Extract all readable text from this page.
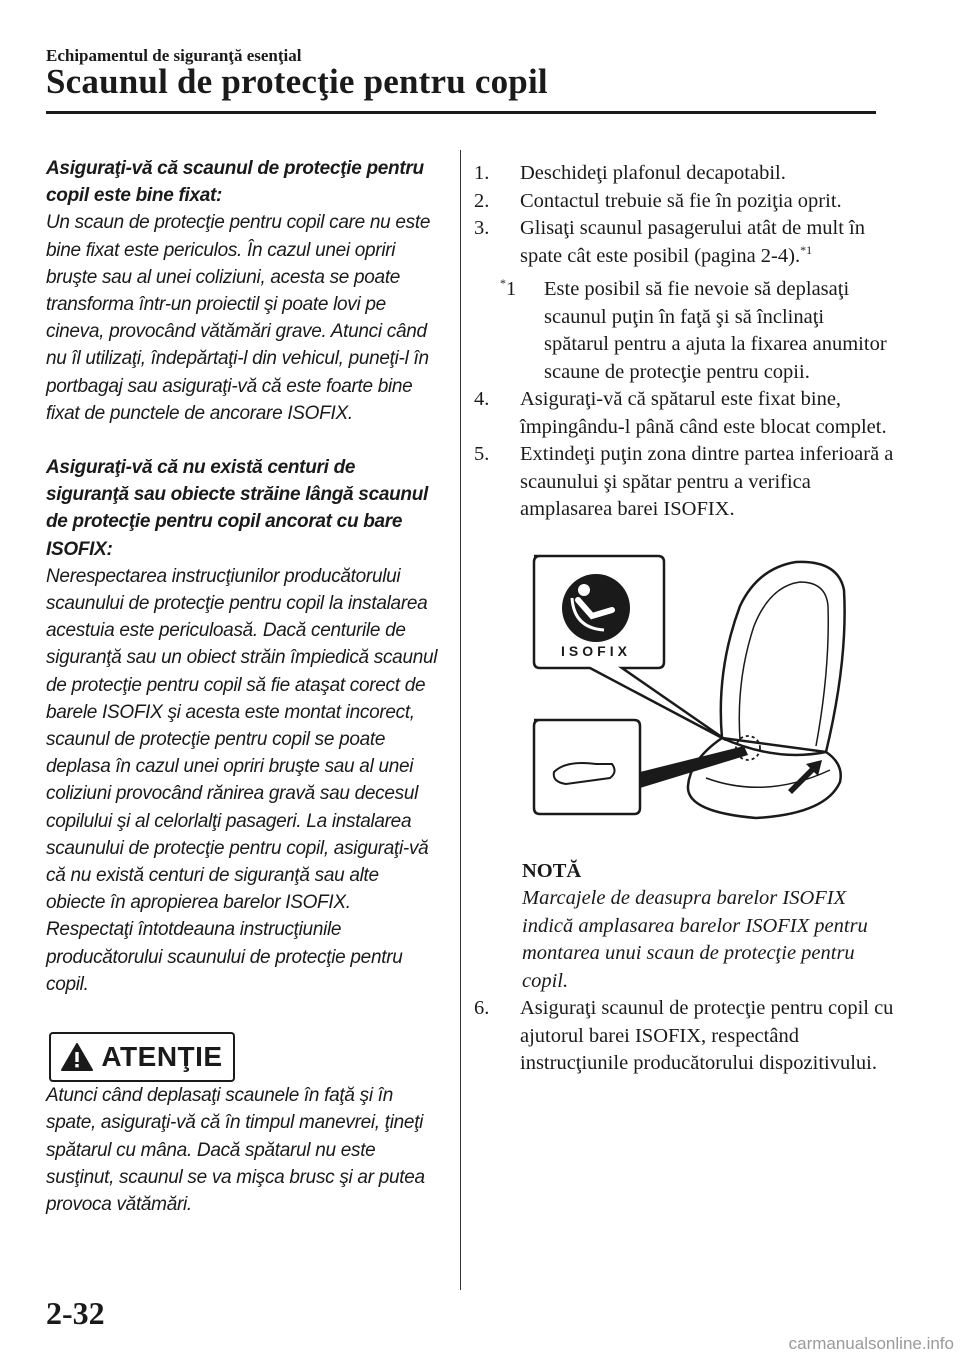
Echipamentul de siguranţă esenţial
Scaunul de protecţie pentru copil

Asiguraţi-vă că scaunul de protecţie pentru copil este bine fixat:

Un scaun de protecţie pentru copil care nu este bine fixat este periculos. În cazul unei opriri bruşte sau al unei coliziuni, acesta se poate transforma într-un proiectil şi poate lovi pe cineva, provocând vătămări grave. Atunci când nu îl utilizaţi, îndepărtaţi-l din vehicul, puneţi-l în portbagaj sau asiguraţi-vă că este foarte bine fixat de punctele de ancorare ISOFIX.

Asiguraţi-vă că nu există centuri de siguranţă sau obiecte străine lângă scaunul de protecţie pentru copil ancorat cu bare ISOFIX:

Nerespectarea instrucţiunilor producătorului scaunului de protecţie pentru copil la instalarea acestuia este periculoasă. Dacă centurile de siguranţă sau un obiect străin împiedică scaunul de protecţie pentru copil să fie ataşat corect de barele ISOFIX şi acesta este montat incorect, scaunul de protecţie pentru copil se poate deplasa în cazul unei opriri bruşte sau al unei coliziuni provocând rănirea gravă sau decesul copilului şi al celorlalţi pasageri. La instalarea scaunului de protecţie pentru copil, asiguraţi-vă că nu există centuri de siguranţă sau alte obiecte în apropierea barelor ISOFIX. Respectaţi întotdeauna instrucţiunile producătorului scaunului de protecţie pentru copil.

ATENŢIE

Atunci când deplasaţi scaunele în faţă şi în spate, asiguraţi-vă că în timpul manevrei, ţineţi spătarul cu mâna. Dacă spătarul nu este susţinut, scaunul se va mişca brusc şi ar putea provoca vătămări.

1.	Deschideţi plafonul decapotabil.
2.	Contactul trebuie să fie în poziţia oprit.
3.	Glisaţi scaunul pasagerului atât de mult în spate cât este posibil (pagina 2-4).$^{*1}$
*1	Este posibil să fie nevoie să deplasaţi scaunul puţin în faţă şi să înclinaţi spătarul pentru a ajuta la fixarea anumitor scaune de protecţie pentru copii.
4.	Asiguraţi-vă că spătarul este fixat bine, împingându-l până când este blocat complet.
5.	Extindeţi puţin zona dintre partea inferioară a scaunului şi spătar pentru a verifica amplasarea barei ISOFIX.
ISOFIX
NOTĂ
Marcajele de deasupra barelor ISOFIX indică amplasarea barelor ISOFIX pentru montarea unui scaun de protecţie pentru copil.
6.	Asiguraţi scaunul de protecţie pentru copil cu ajutorul barei ISOFIX, respectând instrucţiunile producătorului dispozitivului.
2-32
carmanualsonline.info
